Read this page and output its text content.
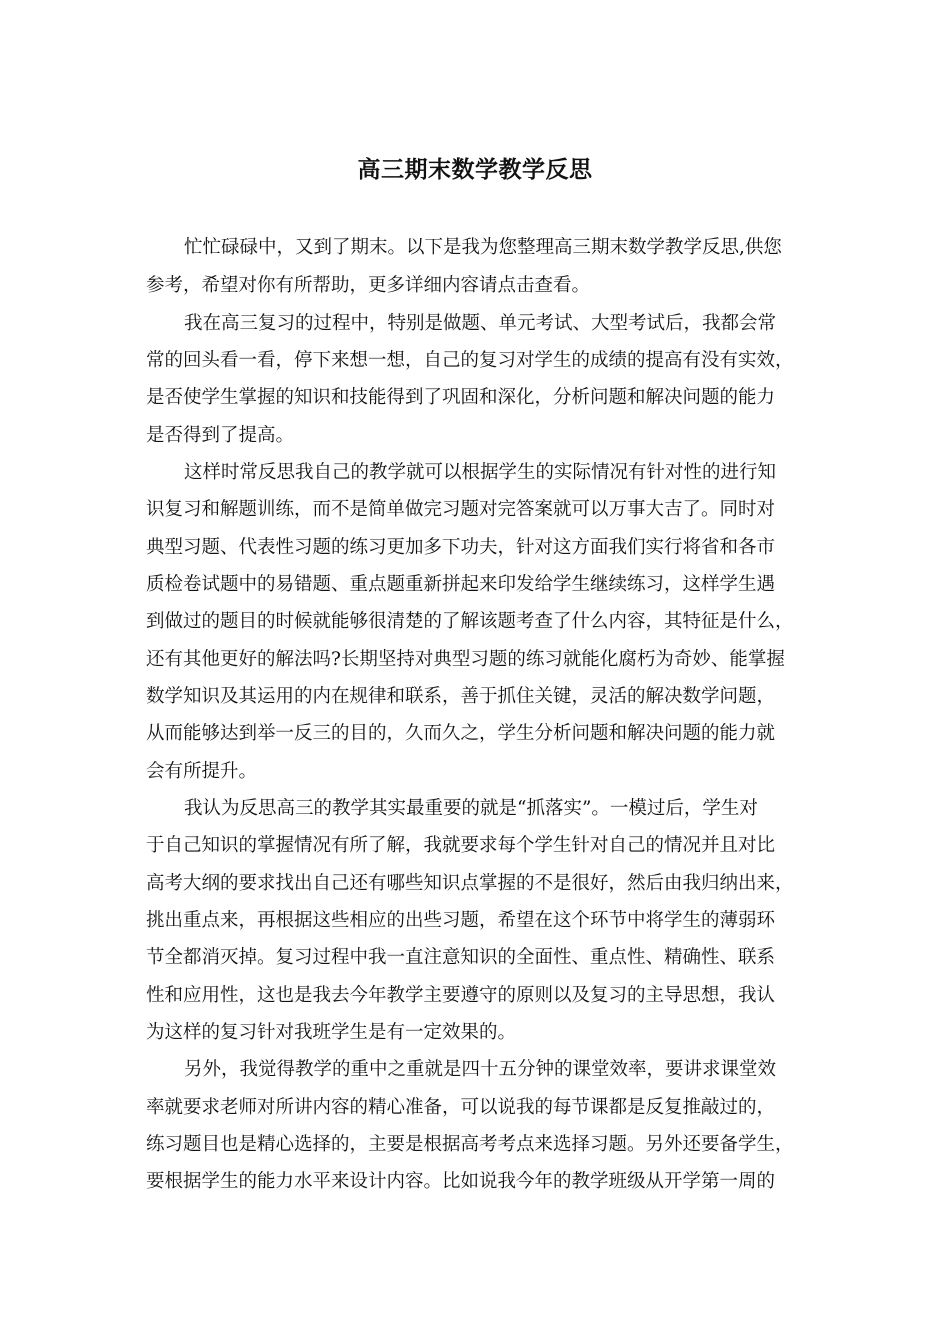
高三期末数学教学反思
忙忙碌碌中，又到了期末。以下是我为您整理高三期末数学教学反思,供您
参考，希望对你有所帮助，更多详细内容请点击查看。
我在高三复习的过程中，特别是做题、单元考试、大型考试后，我都会常
常的回头看一看，停下来想一想，自己的复习对学生的成绩的提高有没有实效，
是否使学生掌握的知识和技能得到了巩固和深化，分析问题和解决问题的能力
是否得到了提高。
这样时常反思我自己的教学就可以根据学生的实际情况有针对性的进行知
识复习和解题训练，而不是简单做完习题对完答案就可以万事大吉了。同时对
典型习题、代表性习题的练习更加多下功夫，针对这方面我们实行将省和各市
质检卷试题中的易错题、重点题重新拼起来印发给学生继续练习，这样学生遇
到做过的题目的时候就能够很清楚的了解该题考查了什么内容，其特征是什么，
还有其他更好的解法吗?长期坚持对典型习题的练习就能化腐朽为奇妙、能掌握
数学知识及其运用的内在规律和联系，善于抓住关键，灵活的解决数学问题，
从而能够达到举一反三的目的，久而久之，学生分析问题和解决问题的能力就
会有所提升。
我认为反思高三的教学其实最重要的就是“抓落实”。一模过后，学生对
于自己知识的掌握情况有所了解，我就要求每个学生针对自己的情况并且对比
高考大纲的要求找出自己还有哪些知识点掌握的不是很好，然后由我归纳出来，
挑出重点来，再根据这些相应的出些习题，希望在这个环节中将学生的薄弱环
节全都消灭掉。复习过程中我一直注意知识的全面性、重点性、精确性、联系
性和应用性，这也是我去今年教学主要遵守的原则以及复习的主导思想，我认
为这样的复习针对我班学生是有一定效果的。
另外，我觉得教学的重中之重就是四十五分钟的课堂效率，要讲求课堂效
率就要求老师对所讲内容的精心准备，可以说我的每节课都是反复推敲过的，
练习题目也是精心选择的，主要是根据高考考点来选择习题。另外还要备学生，
要根据学生的能力水平来设计内容。比如说我今年的教学班级从开学第一周的
